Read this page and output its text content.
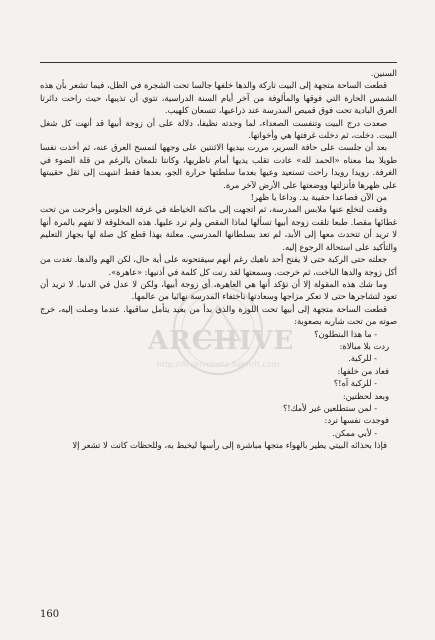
ARCHIVE
http://Archivebeta.Sakhrit.com

السنين.

قطعت الساحة متجهة إلى البيت تاركة والدها خلفها جالسا تحت الشجرة في الظل، فيما تشعر بأن هذه الشمس الحارة التي فوقها والمألوفة من آخر أيام السنة الدراسية، تتوي أن تذيبها، حيث راحت دائرتا العرق البادية تحت فوق قميص المدرسة عند ذراعيها، تتسعان كلهيب.

صعدت درج البيت وتنفست الصعداء، لما وجدته نظيفا، دلالة على أن زوجة أبيها قد أنهت كل شغل البيت. دخلت، ثم دخلت غرفتها هي وأخواتها.

بعد أن جلست على حافة السرير، مررت بيديها الاثنتين على وجهها لتمسح العرق عنه، ثم أخذت نفسا طويلا بما معناه «الحمد لله» عادت تقلب يديها أمام ناظريها، وكانتا تلمعان بالرغم من قلة الضوء في الغرفة. رويدا رويدا راحت تستعيد وعيها بعدما سلطتها حرارة الجو، بعدها فقط انتبهت إلى ثقل حقيبتها على ظهرها فأنزلتها ووضعتها على الأرض لآخر مرة.

من الآن فصاعدا حقيبة يد. وداعا يا ظهر!

وقفت لتخلع عنها ملابس المدرسة، ثم اتجهت إلى ماكنة الخياطة في غرفة الجلوس وأخرجت من تحت غطائها مقصا. طبعا تلقت زوجة أبيها تسألها لماذا المقص ولم ترد عليها. هذه المخلوقة لا تفهم بالمرة أنها لا تريد أن تتحدث معها إلى الأبد، لم تعد بسلطانها المدرسي. معلنة بهذا قطع كل صلة لها بجهاز التعليم والتأكيد على استحالة الرجوع إليه.

جعلته حتى الركبة حتى لا يفتح أحد ناهيك رغم أنهم سيقتحونه على أية حال، لكن الهم والدها. تغدت من أكل زوجة والدها الباخت، ثم خرجت. وسمعتها لقد رنت كل كلمة في أذنيها: «عاهرة».

وما شك هذه المقولة إلا أن تؤكد أنها هي العاهرة، أي زوجة أبيها، ولكن لا عدل في الدنيا. لا تريد أن تعود لتشاجرها حتى لا تعكر مزاجها وسعادتها باختفاء المدرسة نهائيا من عالمها.

قطعت الساحة متجهة إلى أبيها تحت اللوزة والذي بدأ من بعيد يتأمل ساقيها. عندما وصلت إليه، خرج صوته من تحت شاربه بصعوبة:

- ما هذا البنطلون؟

ردت بلا مبالاة:

- للركبة.

فعاد من خلفها:

- للركبة آه!؟

وبعد لحظتين:

- لمن ستطلعين غير لأمك!؟

فوجدت نفسها ترد:

- لأبي ممكن.

فإذا بحذائه البيتي يطير بالهواء متجها مباشرة إلى رأسها ليخبط به، وللحظات كانت لا تشعر إلا

160
